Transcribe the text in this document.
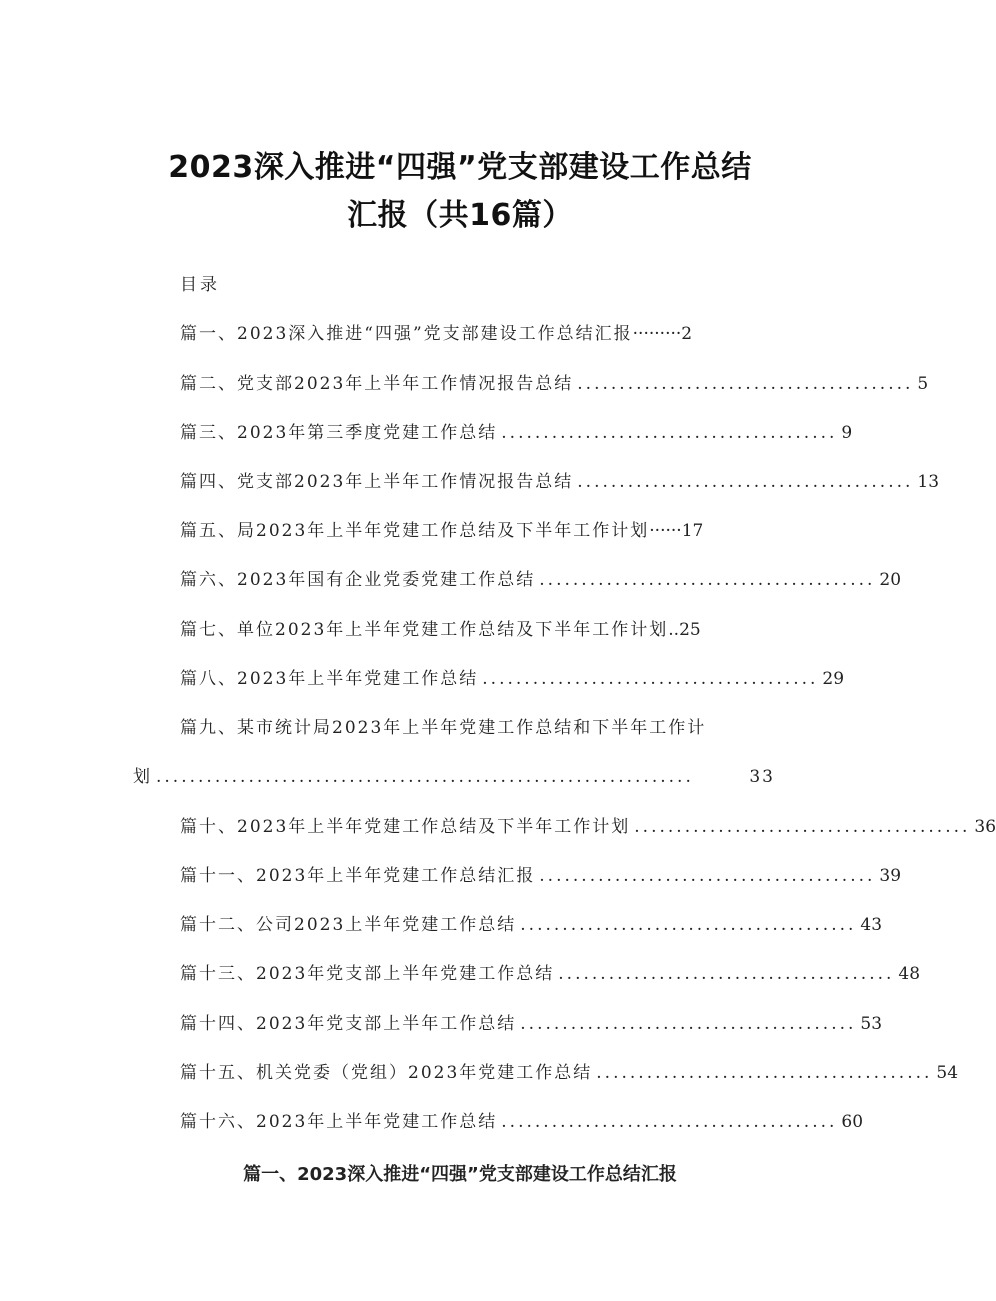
2023深入推进“四强”党支部建设工作总结
汇报（共16篇）
目录
篇一、2023深入推进“四强”党支部建设工作总结汇报 ········· 2
篇二、党支部2023年上半年工作情况报告总结 ........................................ 5
篇三、2023年第三季度党建工作总结 ........................................ 9
篇四、党支部2023年上半年工作情况报告总结 ........................................ 13
篇五、局2023年上半年党建工作总结及下半年工作计划 ······ 17
篇六、2023年国有企业党委党建工作总结 ........................................ 20
篇七、单位2023年上半年党建工作总结及下半年工作计划 .. 25
篇八、2023年上半年党建工作总结 ........................................ 29
篇九、某市统计局2023年上半年党建工作总结和下半年工作计
划 ................................................................	33
篇十、2023年上半年党建工作总结及下半年工作计划 ........................................ 36
篇十一、2023年上半年党建工作总结汇报 ........................................ 39
篇十二、公司2023上半年党建工作总结 ........................................ 43
篇十三、2023年党支部上半年党建工作总结 ........................................ 48
篇十四、2023年党支部上半年工作总结 ........................................ 53
篇十五、机关党委（党组）2023年党建工作总结 ........................................ 54
篇十六、2023年上半年党建工作总结 ........................................ 60
篇一、2023深入推进“四强”党支部建设工作总结汇报
